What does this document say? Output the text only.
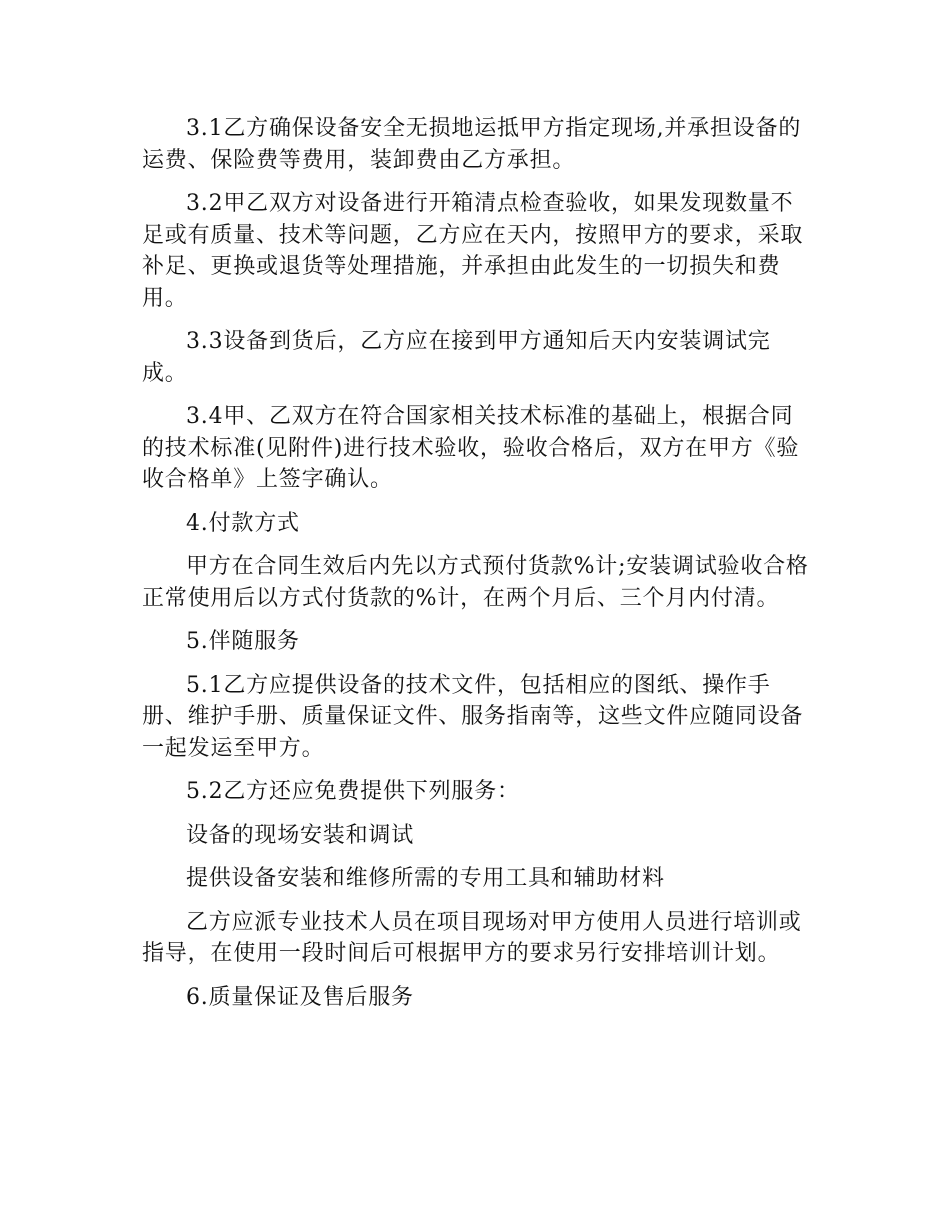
3.1乙方确保设备安全无损地运抵甲方指定现场,并承担设备的运费、保险费等费用，装卸费由乙方承担。

3.2甲乙双方对设备进行开箱清点检查验收，如果发现数量不足或有质量、技术等问题，乙方应在天内，按照甲方的要求，采取补足、更换或退货等处理措施，并承担由此发生的一切损失和费用。

3.3设备到货后，乙方应在接到甲方通知后天内安装调试完成。

3.4甲、乙双方在符合国家相关技术标准的基础上，根据合同的技术标准(见附件)进行技术验收，验收合格后，双方在甲方《验收合格单》上签字确认。

4.付款方式

甲方在合同生效后内先以方式预付货款%计;安装调试验收合格正常使用后以方式付货款的%计，在两个月后、三个月内付清。

5.伴随服务

5.1乙方应提供设备的技术文件，包括相应的图纸、操作手册、维护手册、质量保证文件、服务指南等，这些文件应随同设备一起发运至甲方。

5.2乙方还应免费提供下列服务：

设备的现场安装和调试

提供设备安装和维修所需的专用工具和辅助材料

乙方应派专业技术人员在项目现场对甲方使用人员进行培训或指导，在使用一段时间后可根据甲方的要求另行安排培训计划。

6.质量保证及售后服务
